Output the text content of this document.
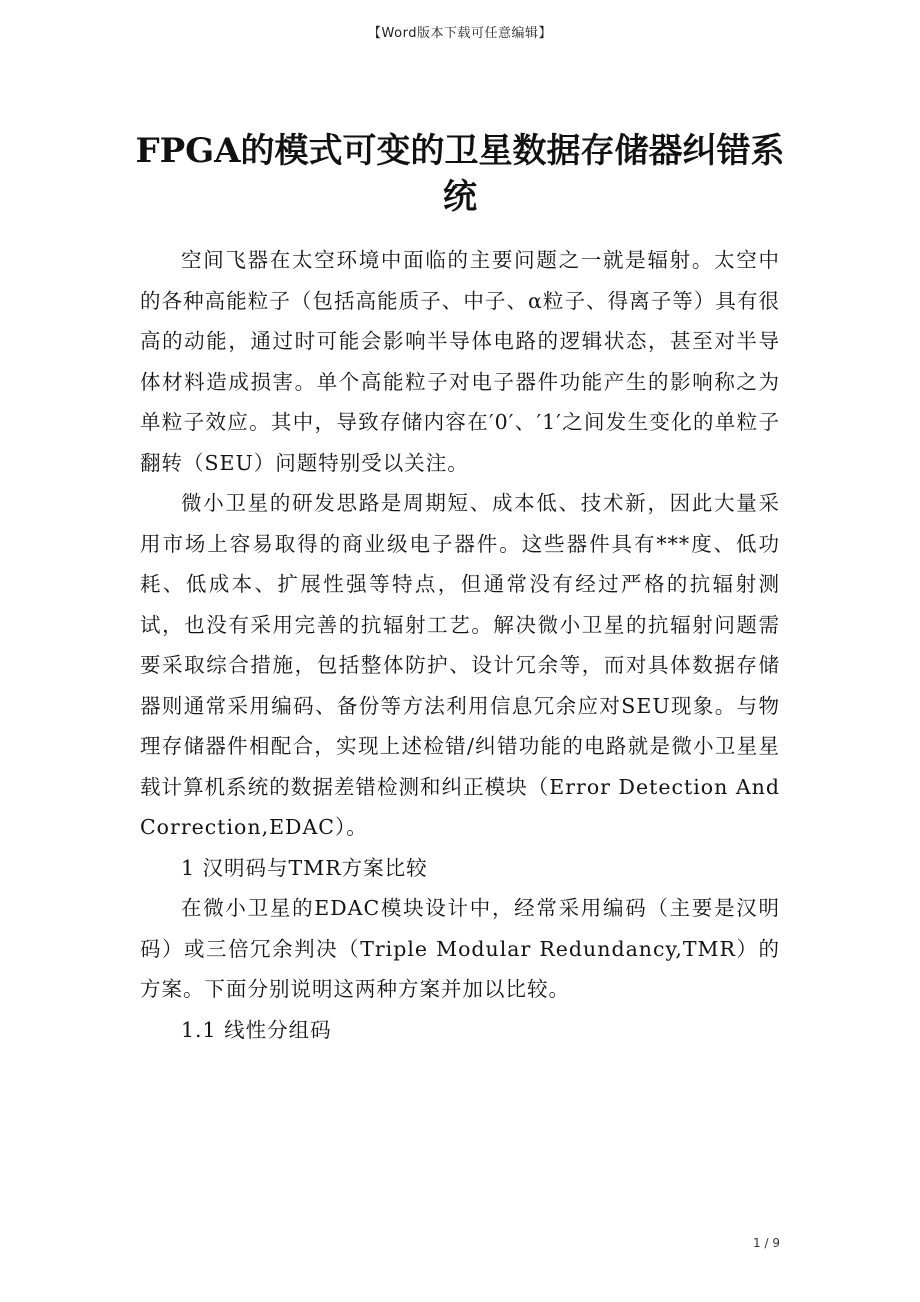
【Word版本下载可任意编辑】
FPGA的模式可变的卫星数据存储器纠错系统

空间飞器在太空环境中面临的主要问题之一就是辐射。太空中的各种高能粒子（包括高能质子、中子、α粒子、得离子等）具有很高的动能，通过时可能会影响半导体电路的逻辑状态，甚至对半导体材料造成损害。单个高能粒子对电子器件功能产生的影响称之为单粒子效应。其中，导致存储内容在′0′、′1′之间发生变化的单粒子翻转（SEU）问题特别受以关注。

微小卫星的研发思路是周期短、成本低、技术新，因此大量采用市场上容易取得的商业级电子器件。这些器件具有***度、低功耗、低成本、扩展性强等特点，但通常没有经过严格的抗辐射测试，也没有采用完善的抗辐射工艺。解决微小卫星的抗辐射问题需要采取综合措施，包括整体防护、设计冗余等，而对具体数据存储器则通常采用编码、备份等方法利用信息冗余应对SEU现象。与物理存储器件相配合，实现上述检错/纠错功能的电路就是微小卫星星载计算机系统的数据差错检测和纠正模块（Error Detection And Correction,EDAC）。

1 汉明码与TMR方案比较

在微小卫星的EDAC模块设计中，经常采用编码（主要是汉明码）或三倍冗余判决（Triple Modular Redundancy,TMR）的方案。下面分别说明这两种方案并加以比较。

1.1 线性分组码

1 / 9
